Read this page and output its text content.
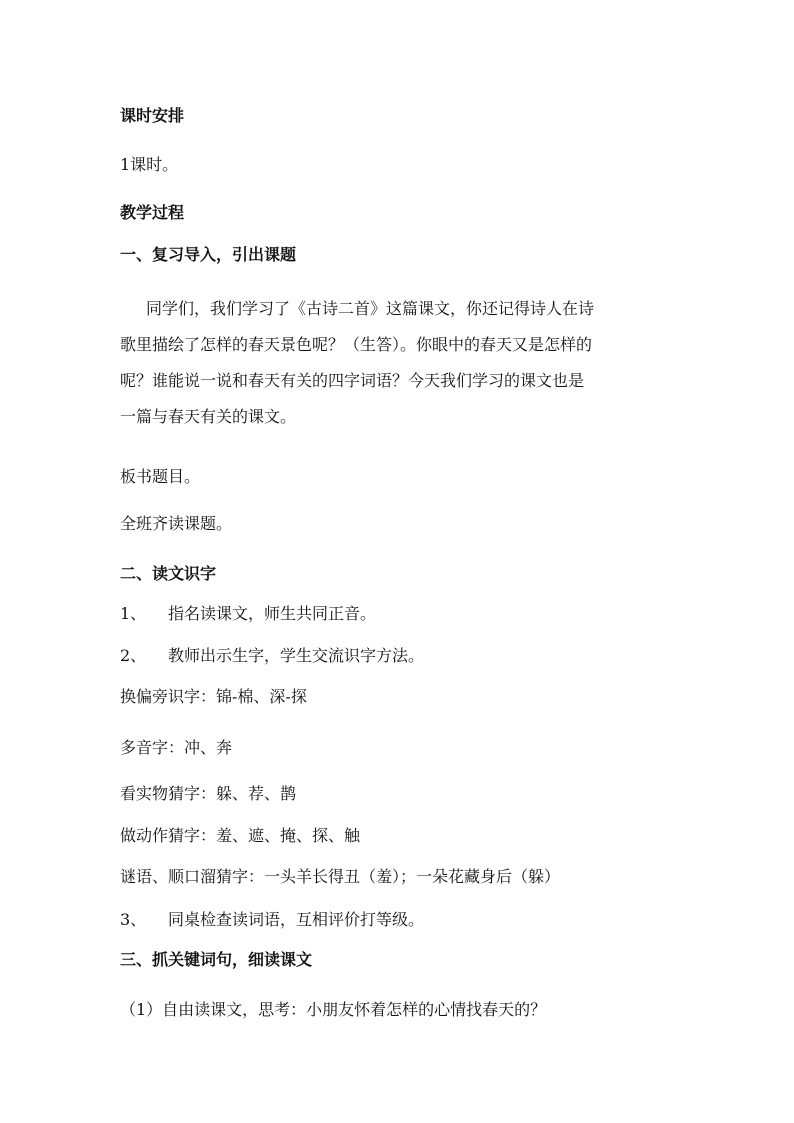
课时安排
1课时。
教学过程
一、复习导入，引出课题
同学们，我们学习了《古诗二首》这篇课文，你还记得诗人在诗
歌里描绘了怎样的春天景色呢？（生答）。你眼中的春天又是怎样的
呢？谁能说一说和春天有关的四字词语？今天我们学习的课文也是
一篇与春天有关的课文。
板书题目。
全班齐读课题。
二、读文识字
1、 指名读课文，师生共同正音。
2、 教师出示生字，学生交流识字方法。
换偏旁识字：锦-棉、深-探
多音字：冲、奔
看实物猜字：躲、荐、鹊
做动作猜字：羞、遮、掩、探、触
谜语、顺口溜猜字：一头羊长得丑（羞）；一朵花藏身后（躲）
3、 同桌检查读词语，互相评价打等级。
三、抓关键词句，细读课文
（1）自由读课文，思考：小朋友怀着怎样的心情找春天的？
